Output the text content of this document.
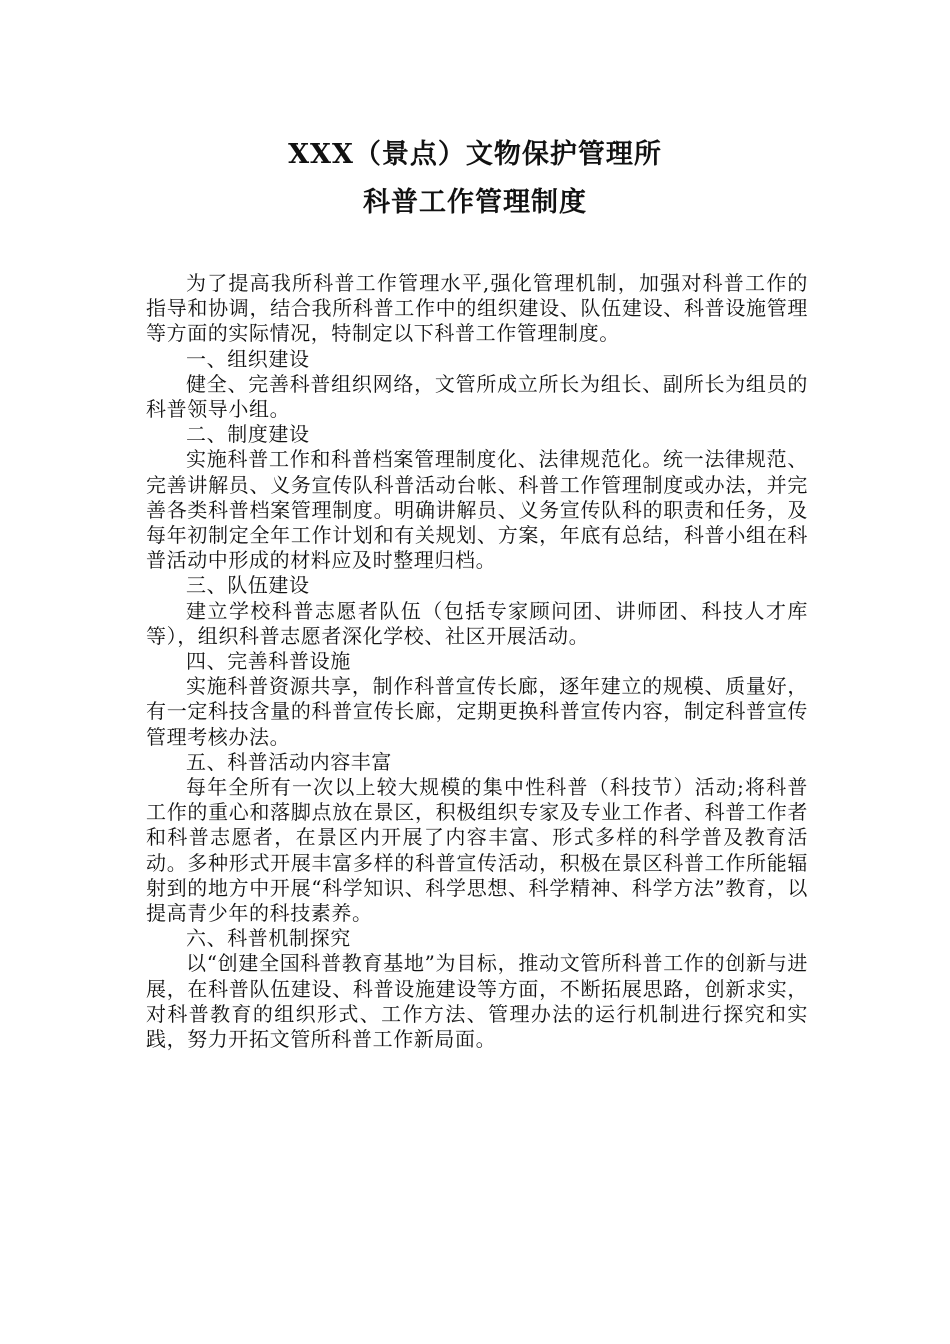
XXX（景点）文物保护管理所
科普工作管理制度

为了提高我所科普工作管理水平,强化管理机制，加强对科普工作的指导和协调，结合我所科普工作中的组织建设、队伍建设、科普设施管理等方面的实际情况，特制定以下科普工作管理制度。

一、组织建设

健全、完善科普组织网络，文管所成立所长为组长、副所长为组员的科普领导小组。

二、制度建设

实施科普工作和科普档案管理制度化、法律规范化。统一法律规范、完善讲解员、义务宣传队科普活动台帐、科普工作管理制度或办法，并完善各类科普档案管理制度。明确讲解员、义务宣传队科的职责和任务，及每年初制定全年工作计划和有关规划、方案，年底有总结，科普小组在科普活动中形成的材料应及时整理归档。

三、队伍建设

建立学校科普志愿者队伍（包括专家顾问团、讲师团、科技人才库等），组织科普志愿者深化学校、社区开展活动。

四、完善科普设施

实施科普资源共享，制作科普宣传长廊，逐年建立的规模、质量好，有一定科技含量的科普宣传长廊，定期更换科普宣传内容，制定科普宣传管理考核办法。

五、科普活动内容丰富

每年全所有一次以上较大规模的集中性科普（科技节）活动;将科普工作的重心和落脚点放在景区，积极组织专家及专业工作者、科普工作者和科普志愿者，在景区内开展了内容丰富、形式多样的科学普及教育活动。多种形式开展丰富多样的科普宣传活动，积极在景区科普工作所能辐射到的地方中开展“科学知识、科学思想、科学精神、科学方法”教育，以提高青少年的科技素养。

六、科普机制探究

以“创建全国科普教育基地”为目标，推动文管所科普工作的创新与进展，在科普队伍建设、科普设施建设等方面，不断拓展思路，创新求实，对科普教育的组织形式、工作方法、管理办法的运行机制进行探究和实践，努力开拓文管所科普工作新局面。
